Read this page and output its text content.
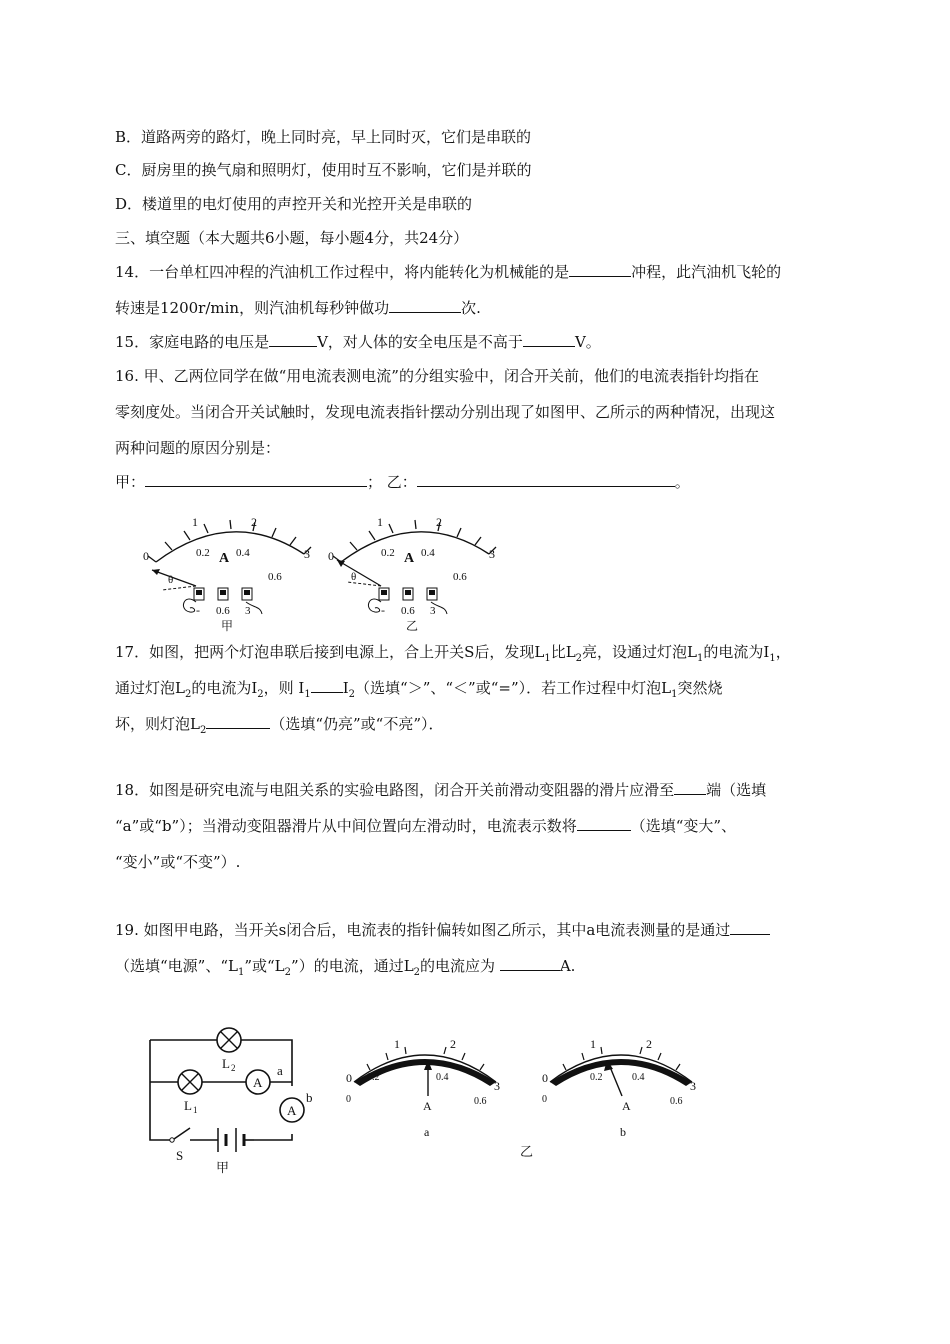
B．道路两旁的路灯，晚上同时亮，早上同时灭，它们是串联的
C．厨房里的换气扇和照明灯，使用时互不影响，它们是并联的
D．楼道里的电灯使用的声控开关和光控开关是串联的
三、填空题（本大题共6小题，每小题4分，共24分）
14．一台单杠四冲程的汽油机工作过程中，将内能转化为机械能的是	冲程，此汽油机飞轮的
转速是1200r/min，则汽油机每秒钟做功	次.
15．家庭电路的电压是	V，对人体的安全电压是不高于	V。
16. 甲、乙两位同学在做“用电流表测电流”的分组实验中，闭合开关前，他们的电流表指针均指在
零刻度处。当闭合开关试触时，发现电流表指针摆动分别出现了如图甲、乙所示的两种情况，出现这
两种问题的原因分别是：
甲：	； 乙：	。
0
1	2
3
0.2 0.4
0.6
A
θ
- 0.6 3
甲
0
1	2
3
0.2 0.4
0.6
A
θ
- 0.6 3
乙
17．如图，把两个灯泡串联后接到电源上，合上开关S后，发现$L_1$比$L_2$亮，设通过灯泡$L_1$的电流为$I_1$，
通过灯泡$L_2$的电流为$I_2$，则 $I_1$ $I_2$（选填“＞”、“＜”或“=”）．若工作过程中灯泡$L_1$突然烧
坏，则灯泡$L_2$	（选填“仍亮”或“不亮”）．
18．如图是研究电流与电阻关系的实验电路图，闭合开关前滑动变阻器的滑片应滑至 端（选填
“a”或“b”）；当滑动变阻器滑片从中间位置向左滑动时，电流表示数将	（选填“变大”、
“变小”或“不变”）.
19. 如图甲电路，当开关s闭合后，电流表的指针偏转如图乙所示，其中a电流表测量的是通过
（选填“电源”、“$L_1$”或“$L_2$”）的电流，通过$L_2$的电流应为	A.
L 2
L 1
A
a
A
b
S
甲
0
1	2
3
0.2	0.4
0.6
0	A
a
0
1	2
3
0.2	0.4
0.6
0	A
b
乙
